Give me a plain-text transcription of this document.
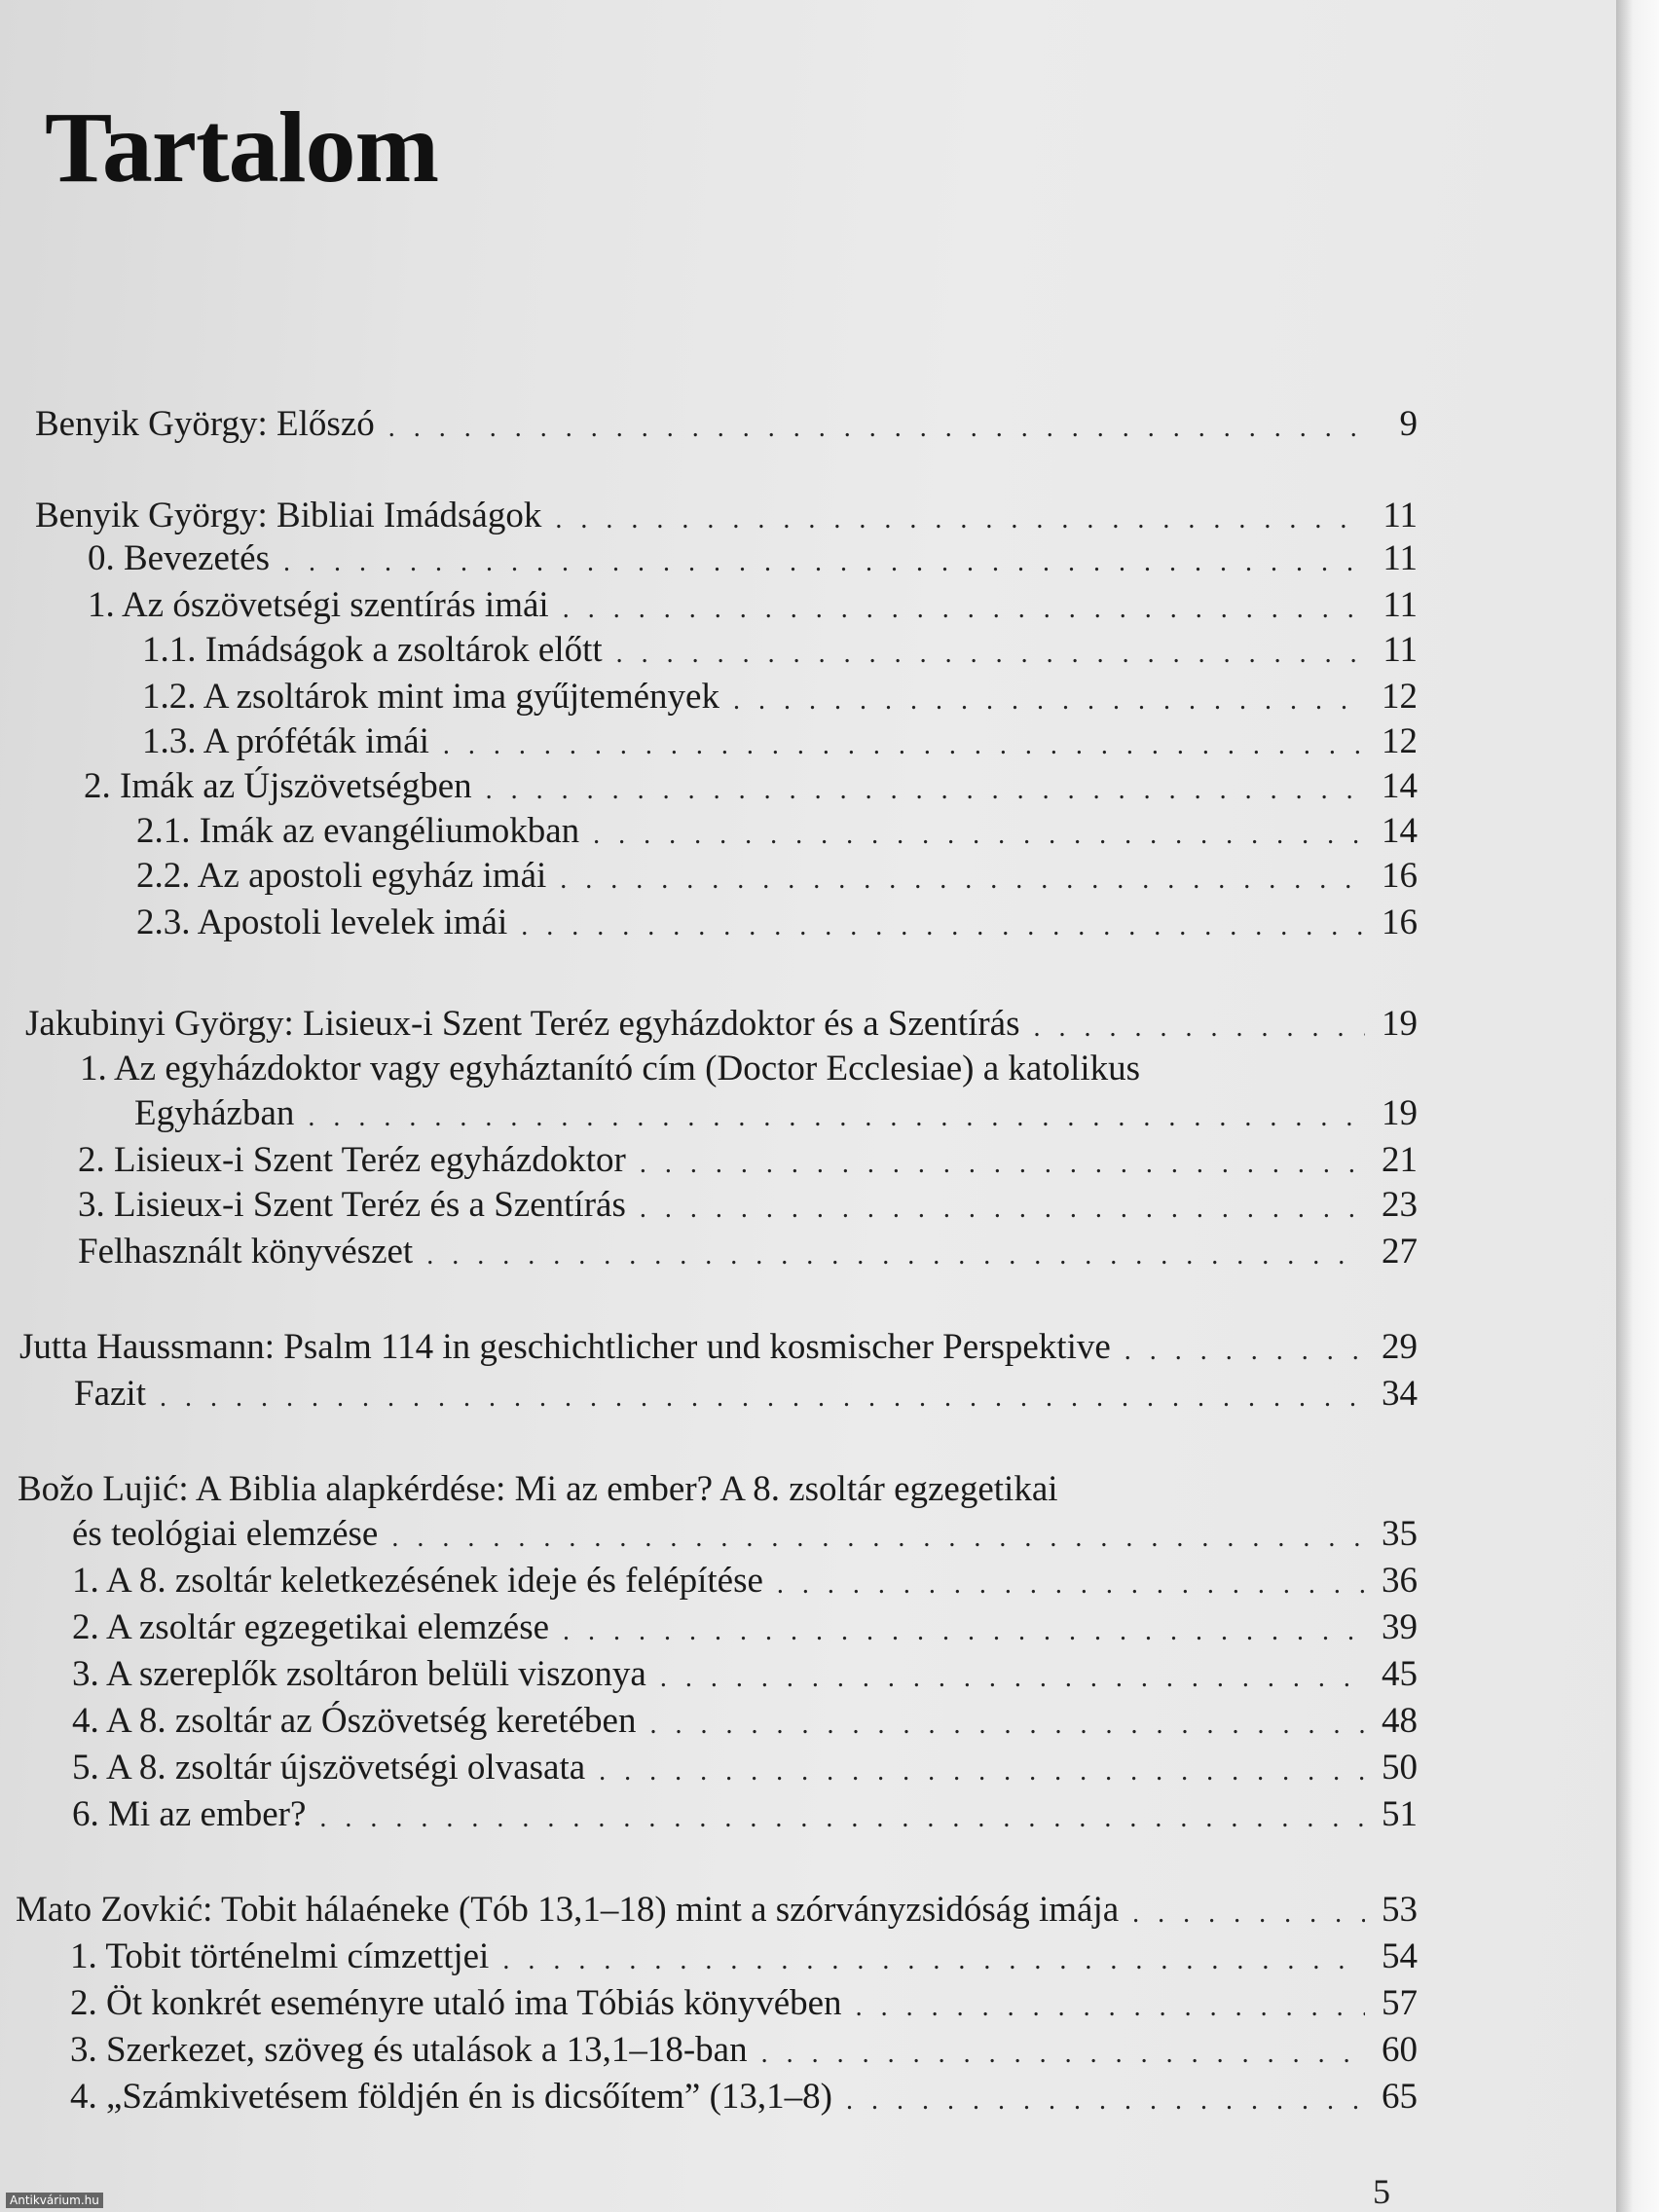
Tartalom
Benyik György: Előszó . . .	9
Benyik György: Bibliai Imádságok . . .	11
0. Bevezetés . . .	11
1. Az ószövetségi szentírás imái . . .	11
1.1. Imádságok a zsoltárok előtt . . .	11
1.2. A zsoltárok mint ima gyűjtemények . . .	12
1.3. A próféták imái . . .	12
2. Imák az Újszövetségben . . .	14
2.1. Imák az evangéliumokban . . .	14
2.2. Az apostoli egyház imái . . .	16
2.3. Apostoli levelek imái . . .	16
Jakubinyi György: Lisieux-i Szent Teréz egyházdoktor és a Szentírás . . .	19
1. Az egyházdoktor vagy egyháztanító cím (Doctor Ecclesiae) a katolikus
Egyházban . . .	19
2. Lisieux-i Szent Teréz egyházdoktor . . .	21
3. Lisieux-i Szent Teréz és a Szentírás . . .	23
Felhasznált könyvészet . . .	27
Jutta Haussmann: Psalm 114 in geschichtlicher und kosmischer Perspektive . . .	29
Fazit . . .	34
Božo Lujić: A Biblia alapkérdése: Mi az ember? A 8. zsoltár egzegetikai
és teológiai elemzése . . .	35
1. A 8. zsoltár keletkezésének ideje és felépítése . . .	36
2. A zsoltár egzegetikai elemzése . . .	39
3. A szereplők zsoltáron belüli viszonya . . .	45
4. A 8. zsoltár az Ószövetség keretében . . .	48
5. A 8. zsoltár újszövetségi olvasata . . .	50
6. Mi az ember? . . .	51
Mato Zovkić: Tobit hálaéneke (Tób 13,1–18) mint a szórványzsidóság imája . . .	53
1. Tobit történelmi címzettjei . . .	54
2. Öt konkrét eseményre utaló ima Tóbiás könyvében . . .	57
3. Szerkezet, szöveg és utalások a 13,1–18-ban . . .	60
4. „Számkivetésem földjén én is dicsőítem” (13,1–8) . . .	65
5
Antikvárium.hu
